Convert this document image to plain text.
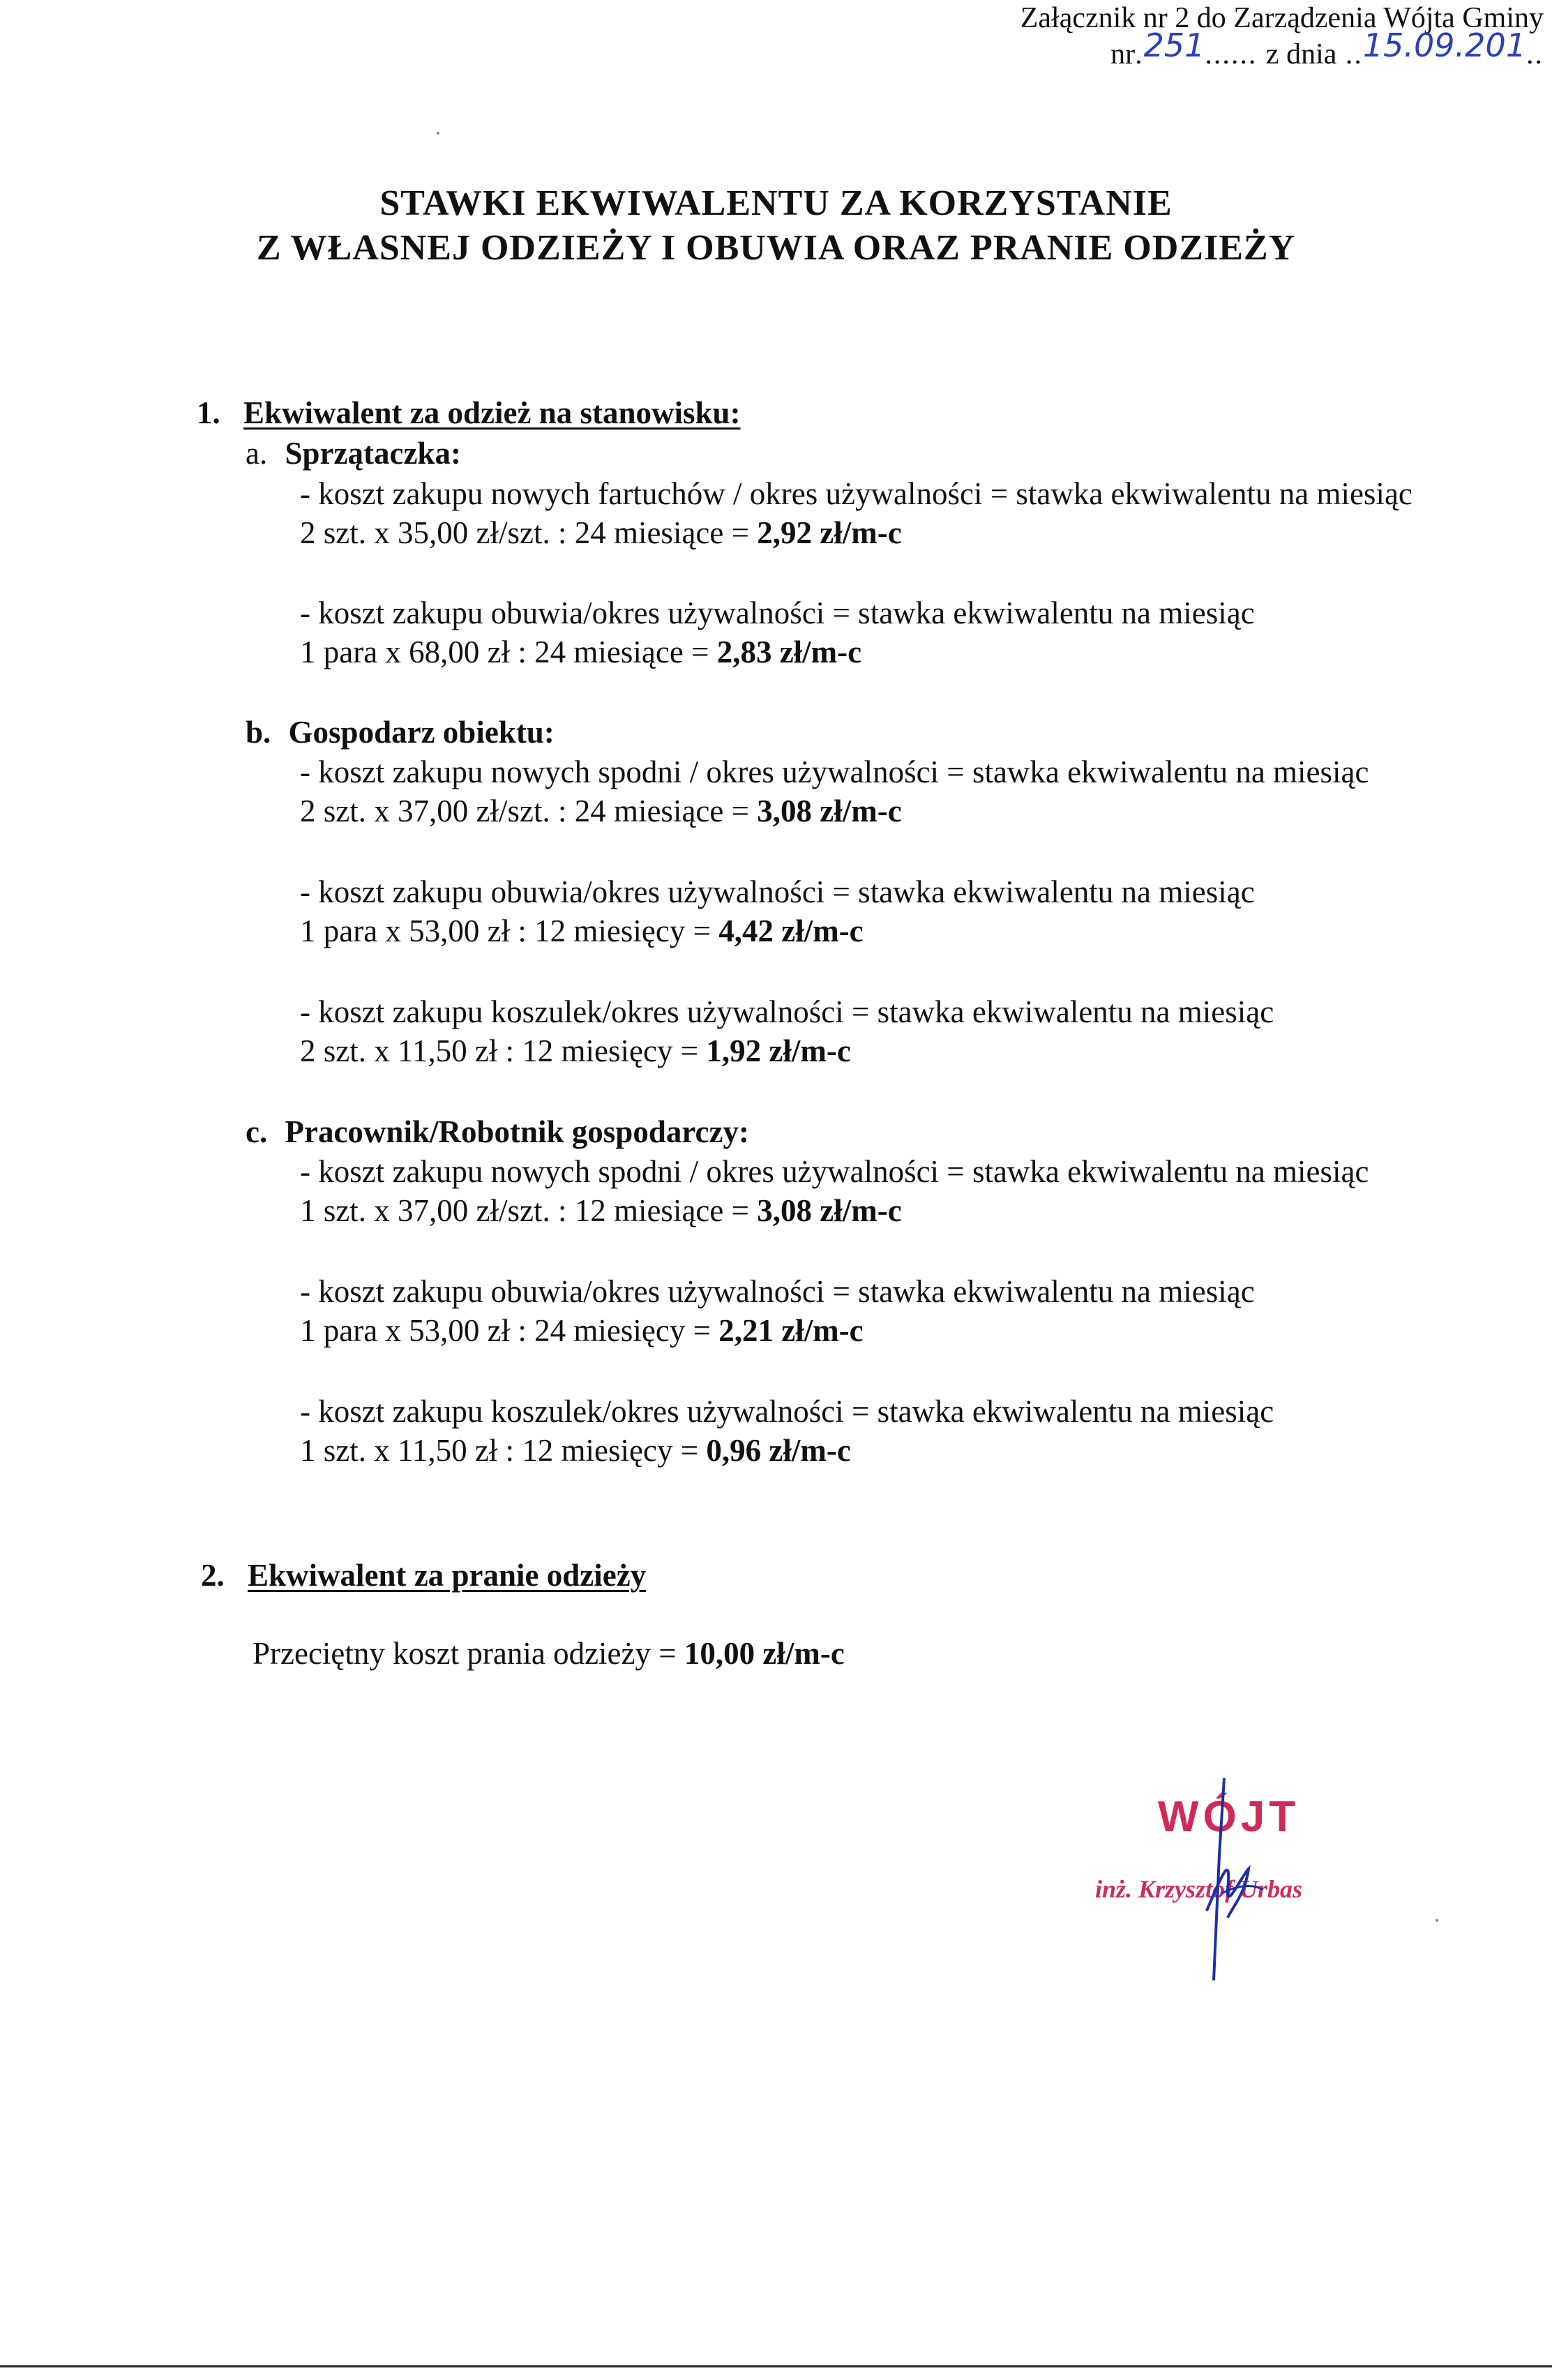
Załącznik nr 2 do Zarządzenia Wójta Gminy
nr.251...... z dnia ..15.09.201..
STAWKI EKWIWALENTU ZA KORZYSTANIE
Z WŁASNEJ ODZIEŻY I OBUWIA ORAZ PRANIE ODZIEŻY
1. Ekwiwalent za odzież na stanowisku:
a. Sprzątaczka:
- koszt zakupu nowych fartuchów / okres używalności = stawka ekwiwalentu na miesiąc
2 szt. x 35,00 zł/szt. : 24 miesiące = 2,92 zł/m-c
- koszt zakupu obuwia/okres używalności = stawka ekwiwalentu na miesiąc
1 para x 68,00 zł : 24 miesiące = 2,83 zł/m-c
b. Gospodarz obiektu:
- koszt zakupu nowych spodni / okres używalności = stawka ekwiwalentu na miesiąc
2 szt. x 37,00 zł/szt. : 24 miesiące = 3,08 zł/m-c
- koszt zakupu obuwia/okres używalności = stawka ekwiwalentu na miesiąc
1 para x 53,00 zł : 12 miesięcy = 4,42 zł/m-c
- koszt zakupu koszulek/okres używalności = stawka ekwiwalentu na miesiąc
2 szt. x 11,50 zł : 12 miesięcy = 1,92 zł/m-c
c. Pracownik/Robotnik gospodarczy:
- koszt zakupu nowych spodni / okres używalności = stawka ekwiwalentu na miesiąc
1 szt. x 37,00 zł/szt. : 12 miesiące = 3,08 zł/m-c
- koszt zakupu obuwia/okres używalności = stawka ekwiwalentu na miesiąc
1 para x 53,00 zł : 24 miesięcy = 2,21 zł/m-c
- koszt zakupu koszulek/okres używalności = stawka ekwiwalentu na miesiąc
1 szt. x 11,50 zł : 12 miesięcy = 0,96 zł/m-c
2. Ekwiwalent za pranie odzieży
Przeciętny koszt prania odzieży = 10,00 zł/m-c
WÓJT
inż. Krzysztof Urbas
